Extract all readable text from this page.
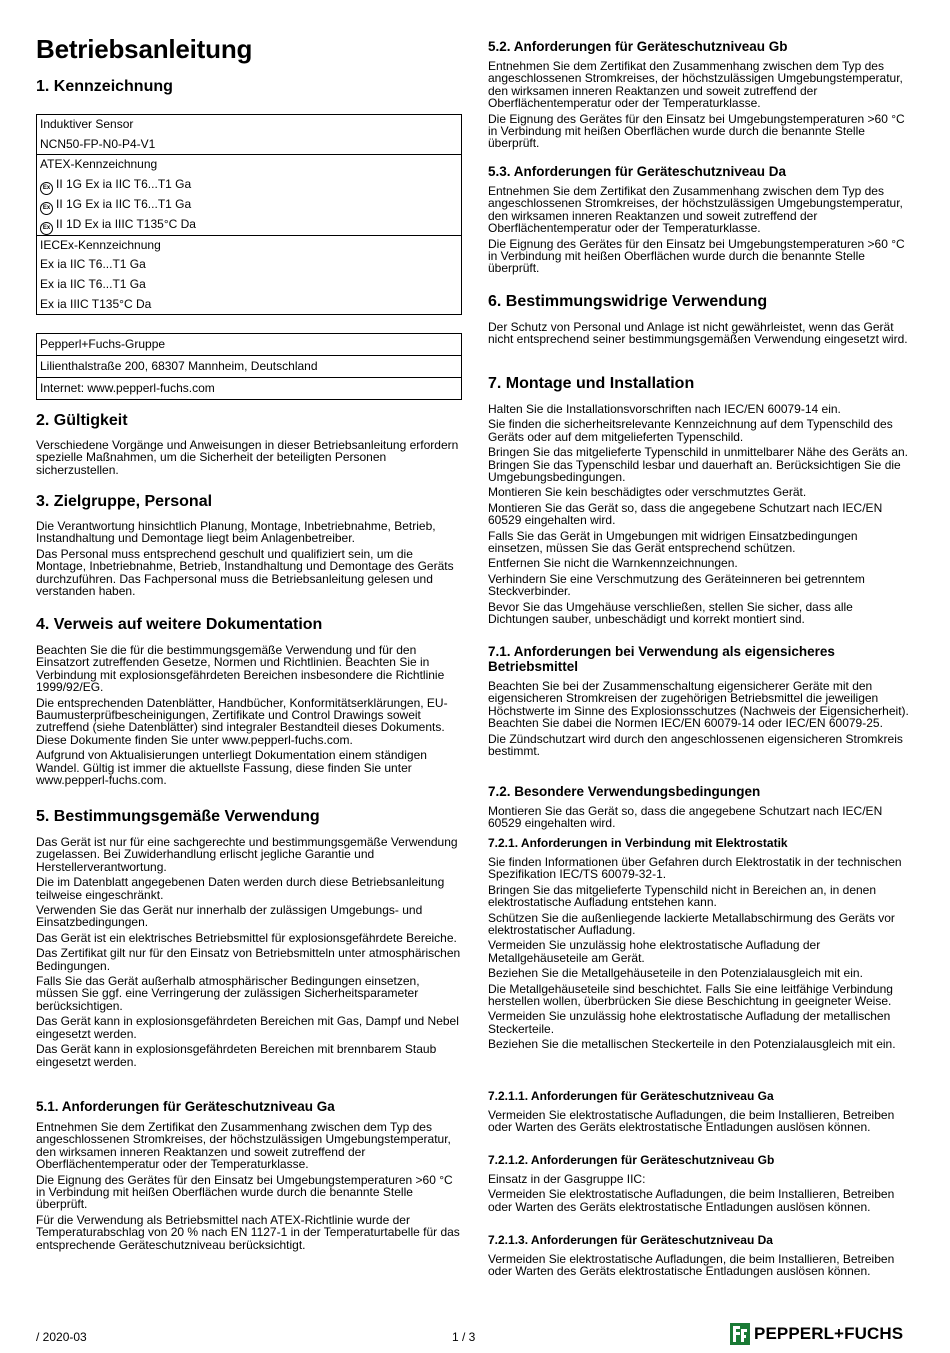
Betriebsanleitung
1. Kennzeichnung
Induktiver Sensor
NCN50-FP-N0-P4-V1
ATEX-Kennzeichnung
Ex II 1G Ex ia IIC T6...T1 Ga
Ex II 1G Ex ia IIC T6...T1 Ga
Ex II 1D Ex ia IIIC T135°C Da
IECEx-Kennzeichnung
Ex ia IIC T6...T1 Ga
Ex ia IIC T6...T1 Ga
Ex ia IIIC T135°C Da
Pepperl+Fuchs-Gruppe
Lilienthalstraße 200, 68307 Mannheim, Deutschland
Internet: www.pepperl-fuchs.com
2. Gültigkeit

Verschiedene Vorgänge und Anweisungen in dieser Betriebsanleitung erfordern spezielle Maßnahmen, um die Sicherheit der beteiligten Personen sicherzustellen.

3. Zielgruppe, Personal

Die Verantwortung hinsichtlich Planung, Montage, Inbetriebnahme, Betrieb, Instandhaltung und Demontage liegt beim Anlagenbetreiber.

Das Personal muss entsprechend geschult und qualifiziert sein, um die Montage, Inbetriebnahme, Betrieb, Instandhaltung und Demontage des Geräts durchzuführen. Das Fachpersonal muss die Betriebsanleitung gelesen und verstanden haben.

4. Verweis auf weitere Dokumentation

Beachten Sie die für die bestimmungsgemäße Verwendung und für den Einsatzort zutreffenden Gesetze, Normen und Richtlinien. Beachten Sie in Verbindung mit explosionsgefährdeten Bereichen insbesondere die Richtlinie 1999/92/EG.

Die entsprechenden Datenblätter, Handbücher, Konformitätserklärungen, EU-Baumusterprüfbescheinigungen, Zertifikate und Control Drawings soweit zutreffend (siehe Datenblätter) sind integraler Bestandteil dieses Dokuments. Diese Dokumente finden Sie unter www.pepperl-fuchs.com.

Aufgrund von Aktualisierungen unterliegt Dokumentation einem ständigen Wandel. Gültig ist immer die aktuellste Fassung, diese finden Sie unter www.pepperl-fuchs.com.

5. Bestimmungsgemäße Verwendung

Das Gerät ist nur für eine sachgerechte und bestimmungsgemäße Verwendung zugelassen. Bei Zuwiderhandlung erlischt jegliche Garantie und Herstellerverantwortung.

Die im Datenblatt angegebenen Daten werden durch diese Betriebsanleitung teilweise eingeschränkt.

Verwenden Sie das Gerät nur innerhalb der zulässigen Umgebungs- und Einsatzbedingungen.

Das Gerät ist ein elektrisches Betriebsmittel für explosionsgefährdete Bereiche.

Das Zertifikat gilt nur für den Einsatz von Betriebsmitteln unter atmosphärischen Bedingungen.

Falls Sie das Gerät außerhalb atmosphärischer Bedingungen einsetzen, müssen Sie ggf. eine Verringerung der zulässigen Sicherheitsparameter berücksichtigen.

Das Gerät kann in explosionsgefährdeten Bereichen mit Gas, Dampf und Nebel eingesetzt werden.

Das Gerät kann in explosionsgefährdeten Bereichen mit brennbarem Staub eingesetzt werden.

5.1. Anforderungen für Geräteschutzniveau Ga

Entnehmen Sie dem Zertifikat den Zusammenhang zwischen dem Typ des angeschlossenen Stromkreises, der höchstzulässigen Umgebungstemperatur, den wirksamen inneren Reaktanzen und soweit zutreffend der Oberflächentemperatur oder der Temperaturklasse.

Die Eignung des Gerätes für den Einsatz bei Umgebungstemperaturen >60 °C in Verbindung mit heißen Oberflächen wurde durch die benannte Stelle überprüft.

Für die Verwendung als Betriebsmittel nach ATEX-Richtlinie wurde der Temperaturabschlag von 20 % nach EN 1127-1 in der Temperaturtabelle für das entsprechende Geräteschutzniveau berücksichtigt.

5.2. Anforderungen für Geräteschutzniveau Gb

Entnehmen Sie dem Zertifikat den Zusammenhang zwischen dem Typ des angeschlossenen Stromkreises, der höchstzulässigen Umgebungstemperatur, den wirksamen inneren Reaktanzen und soweit zutreffend der Oberflächentemperatur oder der Temperaturklasse.

Die Eignung des Gerätes für den Einsatz bei Umgebungstemperaturen >60 °C in Verbindung mit heißen Oberflächen wurde durch die benannte Stelle überprüft.

5.3. Anforderungen für Geräteschutzniveau Da

Entnehmen Sie dem Zertifikat den Zusammenhang zwischen dem Typ des angeschlossenen Stromkreises, der höchstzulässigen Umgebungstemperatur, den wirksamen inneren Reaktanzen und soweit zutreffend der Oberflächentemperatur oder der Temperaturklasse.

Die Eignung des Gerätes für den Einsatz bei Umgebungstemperaturen >60 °C in Verbindung mit heißen Oberflächen wurde durch die benannte Stelle überprüft.

6. Bestimmungswidrige Verwendung

Der Schutz von Personal und Anlage ist nicht gewährleistet, wenn das Gerät nicht entsprechend seiner bestimmungsgemäßen Verwendung eingesetzt wird.

7. Montage und Installation

Halten Sie die Installationsvorschriften nach IEC/EN 60079-14 ein.

Sie finden die sicherheitsrelevante Kennzeichnung auf dem Typenschild des Geräts oder auf dem mitgelieferten Typenschild.

Bringen Sie das mitgelieferte Typenschild in unmittelbarer Nähe des Geräts an. Bringen Sie das Typenschild lesbar und dauerhaft an. Berücksichtigen Sie die Umgebungsbedingungen.

Montieren Sie kein beschädigtes oder verschmutztes Gerät.

Montieren Sie das Gerät so, dass die angegebene Schutzart nach IEC/EN 60529 eingehalten wird.

Falls Sie das Gerät in Umgebungen mit widrigen Einsatzbedingungen einsetzen, müssen Sie das Gerät entsprechend schützen.

Entfernen Sie nicht die Warnkennzeichnungen.

Verhindern Sie eine Verschmutzung des Geräteinneren bei getrenntem Steckverbinder.

Bevor Sie das Umgehäuse verschließen, stellen Sie sicher, dass alle Dichtungen sauber, unbeschädigt und korrekt montiert sind.

7.1. Anforderungen bei Verwendung als eigensicheres Betriebsmittel

Beachten Sie bei der Zusammenschaltung eigensicherer Geräte mit den eigensicheren Stromkreisen der zugehörigen Betriebsmittel die jeweiligen Höchstwerte im Sinne des Explosionsschutzes (Nachweis der Eigensicherheit). Beachten Sie dabei die Normen IEC/EN 60079-14 oder IEC/EN 60079-25.

Die Zündschutzart wird durch den angeschlossenen eigensicheren Stromkreis bestimmt.

7.2. Besondere Verwendungsbedingungen

Montieren Sie das Gerät so, dass die angegebene Schutzart nach IEC/EN 60529 eingehalten wird.

7.2.1. Anforderungen in Verbindung mit Elektrostatik

Sie finden Informationen über Gefahren durch Elektrostatik in der technischen Spezifikation IEC/TS 60079-32-1.

Bringen Sie das mitgelieferte Typenschild nicht in Bereichen an, in denen elektrostatische Aufladung entstehen kann.

Schützen Sie die außenliegende lackierte Metallabschirmung des Geräts vor elektrostatischer Aufladung.

Vermeiden Sie unzulässig hohe elektrostatische Aufladung der Metallgehäuseteile am Gerät.

Beziehen Sie die Metallgehäuseteile in den Potenzialausgleich mit ein.

Die Metallgehäuseteile sind beschichtet. Falls Sie eine leitfähige Verbindung herstellen wollen, überbrücken Sie diese Beschichtung in geeigneter Weise.

Vermeiden Sie unzulässig hohe elektrostatische Aufladung der metallischen Steckerteile.

Beziehen Sie die metallischen Steckerteile in den Potenzialausgleich mit ein.

7.2.1.1. Anforderungen für Geräteschutzniveau Ga

Vermeiden Sie elektrostatische Aufladungen, die beim Installieren, Betreiben oder Warten des Geräts elektrostatische Entladungen auslösen können.

7.2.1.2. Anforderungen für Geräteschutzniveau Gb

Einsatz in der Gasgruppe IIC:

Vermeiden Sie elektrostatische Aufladungen, die beim Installieren, Betreiben oder Warten des Geräts elektrostatische Entladungen auslösen können.

7.2.1.3. Anforderungen für Geräteschutzniveau Da

Vermeiden Sie elektrostatische Aufladungen, die beim Installieren, Betreiben oder Warten des Geräts elektrostatische Entladungen auslösen können.

/ 2020-03	1 / 3	PEPPERL+FUCHS
